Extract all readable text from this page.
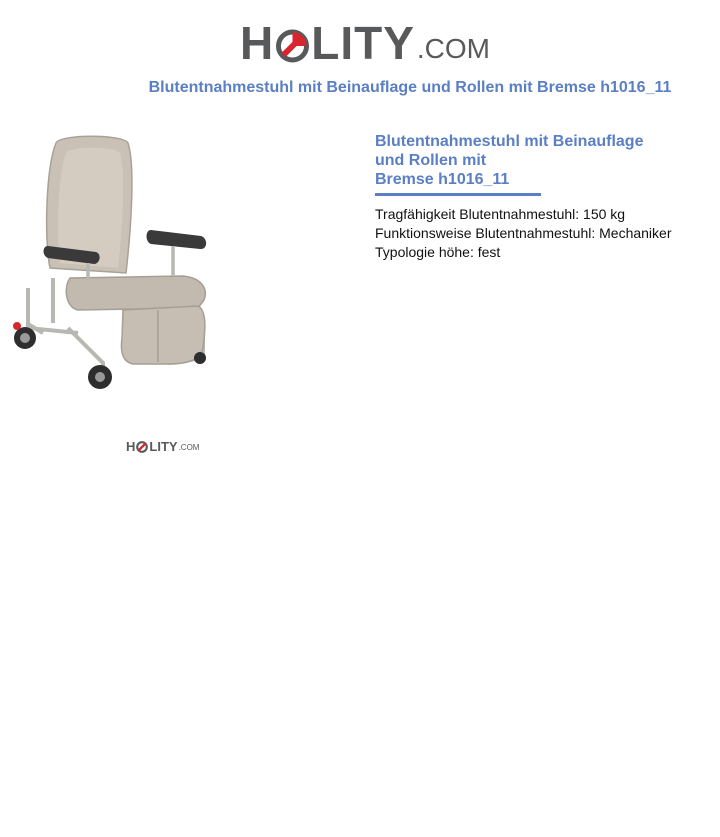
H LITY .COM
Blutentnahmestuhl mit Beinauflage und Rollen mit Bremse h1016_11
H LITY .COM
Blutentnahmestuhl mit Beinauflage
und Rollen mit
Bremse h1016_11
Tragfähigkeit Blutentnahmestuhl: 150 kg
Funktionsweise Blutentnahmestuhl: Mechaniker
Typologie höhe: fest
